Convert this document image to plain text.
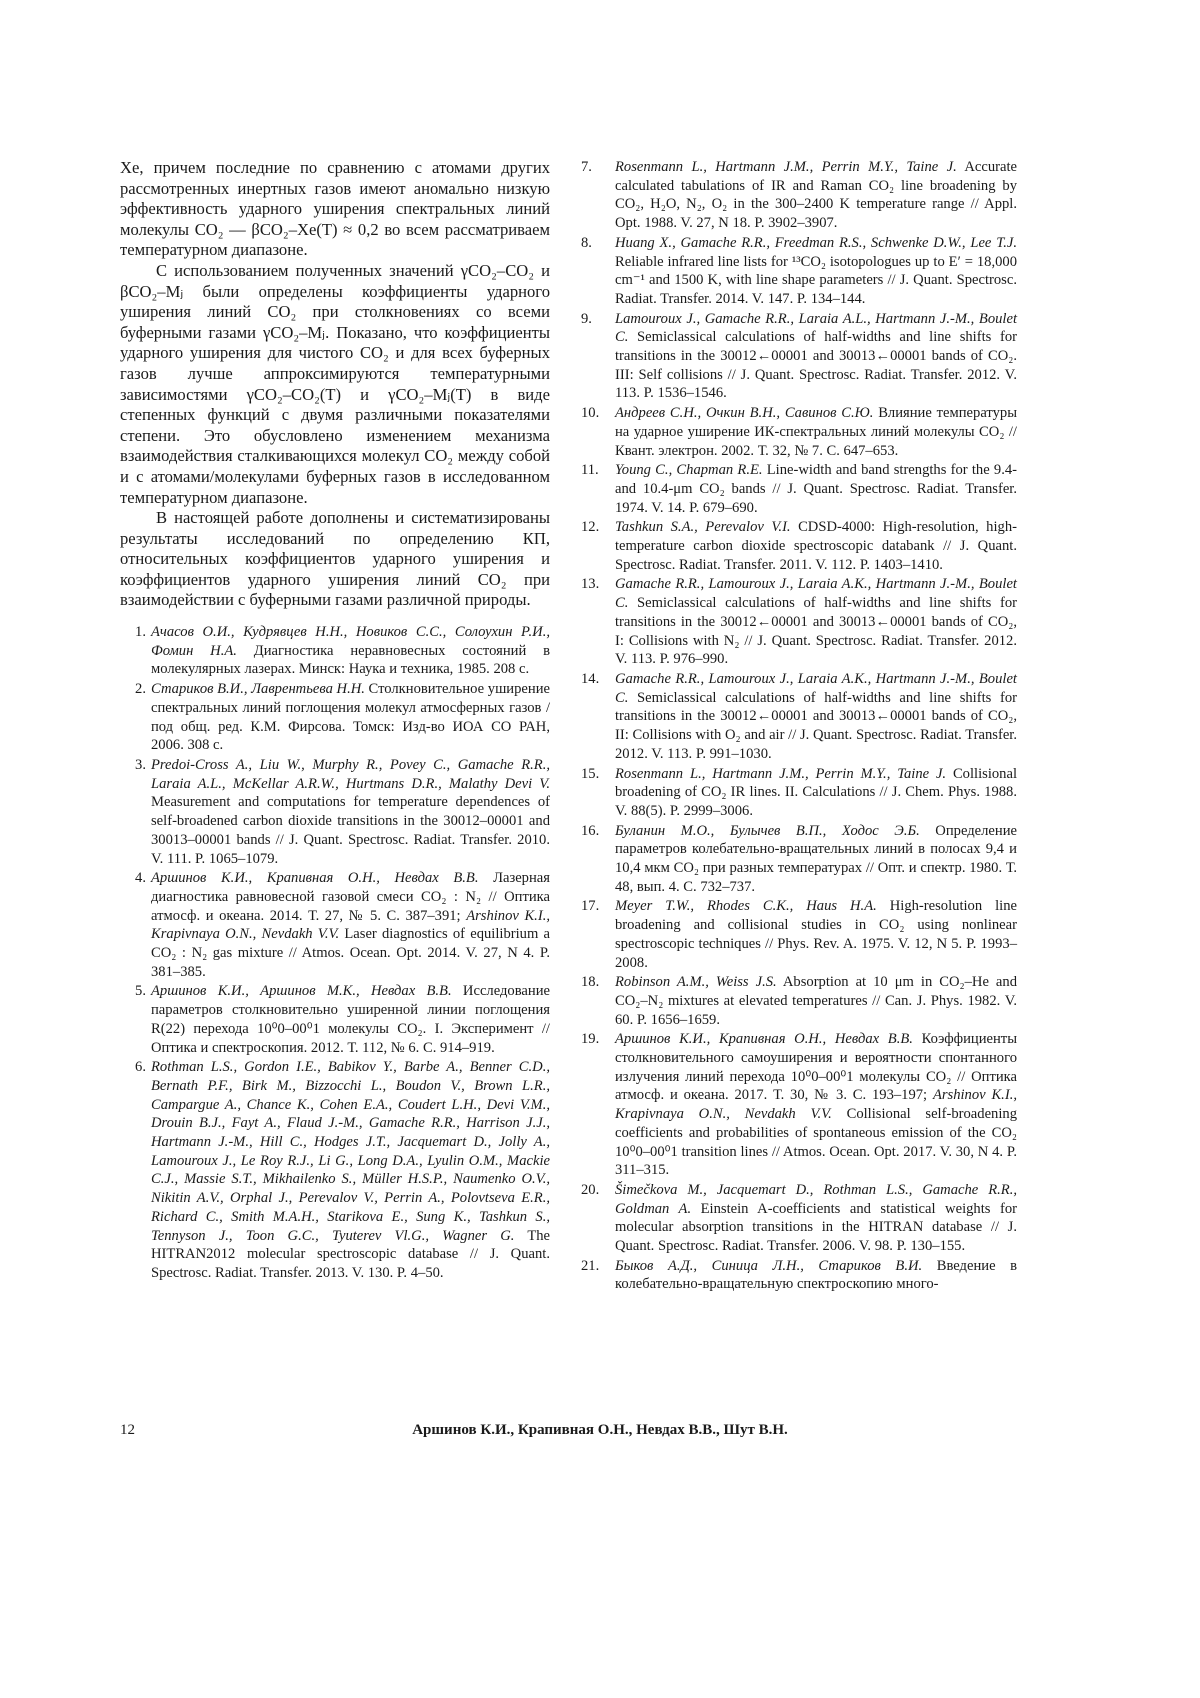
Xe, причем последние по сравнению с атомами других рассмотренных инертных газов имеют аномально низкую эффективность ударного уширения спектральных линий молекулы CO₂ — βCO₂–Xe(T) ≈ 0,2 во всем рассматриваем температурном диапазоне.

С использованием полученных значений γCO₂–CO₂ и βCO₂–Mⱼ были определены коэффициенты ударного уширения линий CO₂ при столкновениях со всеми буферными газами γCO₂–Mⱼ. Показано, что коэффициенты ударного уширения для чистого CO₂ и для всех буферных газов лучше аппроксимируются температурными зависимостями γCO₂–CO₂(T) и γCO₂–Mⱼ(T) в виде степенных функций с двумя различными показателями степени. Это обусловлено изменением механизма взаимодействия сталкивающихся молекул CO₂ между собой и с атомами/молекулами буферных газов в исследованном температурном диапазоне.

В настоящей работе дополнены и систематизированы результаты исследований по определению КП, относительных коэффициентов ударного уширения и коэффициентов ударного уширения линий CO₂ при взаимодействии с буферными газами различной природы.

1. Ачасов О.И., Кудрявцев Н.Н., Новиков С.С., Солоухин Р.И., Фомин Н.А. Диагностика неравновесных состояний в молекулярных лазерах. Минск: Наука и техника, 1985. 208 с.
2. Стариков В.И., Лаврентьева Н.Н. Столкновительное уширение спектральных линий поглощения молекул атмосферных газов / под общ. ред. К.М. Фирсова. Томск: Изд-во ИОА СО РАН, 2006. 308 с.
3. Predoi-Cross A., Liu W., Murphy R., Povey C., Gamache R.R., Laraia A.L., McKellar A.R.W., Hurtmans D.R., Malathy Devi V. Measurement and computations for temperature dependences of self-broadened carbon dioxide transitions in the 30012–00001 and 30013–00001 bands // J. Quant. Spectrosc. Radiat. Transfer. 2010. V. 111. P. 1065–1079.
4. Аршинов К.И., Крапивная О.Н., Невдах В.В. Лазерная диагностика равновесной газовой смеси CO₂ : N₂ // Оптика атмосф. и океана. 2014. Т. 27, № 5. С. 387–391; Arshinov K.I., Krapivnaya O.N., Nevdakh V.V. Laser diagnostics of equilibrium a CO₂ : N₂ gas mixture // Atmos. Ocean. Opt. 2014. V. 27, N 4. P. 381–385.
5. Аршинов К.И., Аршинов М.К., Невдах В.В. Исследование параметров столкновительно уширенной линии поглощения R(22) перехода 10⁰0–00⁰1 молекулы CO₂. I. Эксперимент // Оптика и спектроскопия. 2012. Т. 112, № 6. С. 914–919.
6. Rothman L.S., Gordon I.E., Babikov Y., Barbe A., Benner C.D., Bernath P.F., Birk M., Bizzocchi L., Boudon V., Brown L.R., Campargue A., Chance K., Cohen E.A., Coudert L.H., Devi V.M., Drouin B.J., Fayt A., Flaud J.-M., Gamache R.R., Harrison J.J., Hartmann J.-M., Hill C., Hodges J.T., Jacquemart D., Jolly A., Lamouroux J., Le Roy R.J., Li G., Long D.A., Lyulin O.M., Mackie C.J., Massie S.T., Mikhailenko S., Müller H.S.P., Naumenko O.V., Nikitin A.V., Orphal J., Perevalov V., Perrin A., Polovtseva E.R., Richard C., Smith M.A.H., Starikova E., Sung K., Tashkun S., Tennyson J., Toon G.C., Tyuterev Vl.G., Wagner G. The HITRAN2012 molecular spectroscopic database // J. Quant. Spectrosc. Radiat. Transfer. 2013. V. 130. P. 4–50.
7.	Rosenmann L., Hartmann J.M., Perrin M.Y., Taine J. Accurate calculated tabulations of IR and Raman CO₂ line broadening by CO₂, H₂O, N₂, O₂ in the 300–2400 K temperature range // Appl. Opt. 1988. V. 27, N 18. P. 3902–3907.
8.	Huang X., Gamache R.R., Freedman R.S., Schwenke D.W., Lee T.J. Reliable infrared line lists for ¹³CO₂ isotopologues up to E′ = 18,000 cm⁻¹ and 1500 K, with line shape parameters // J. Quant. Spectrosc. Radiat. Transfer. 2014. V. 147. P. 134–144.
9.	Lamouroux J., Gamache R.R., Laraia A.L., Hartmann J.-M., Boulet C. Semiclassical calculations of half-widths and line shifts for transitions in the 30012←00001 and 30013←00001 bands of CO₂. III: Self collisions // J. Quant. Spectrosc. Radiat. Transfer. 2012. V. 113. P. 1536–1546.
10.	Андреев С.Н., Очкин В.Н., Савинов С.Ю. Влияние температуры на ударное уширение ИК-спектральных линий молекулы CO₂ // Квант. электрон. 2002. Т. 32, № 7. С. 647–653.
11.	Young C., Chapman R.E. Line-width and band strengths for the 9.4- and 10.4-μm CO₂ bands // J. Quant. Spectrosc. Radiat. Transfer. 1974. V. 14. P. 679–690.
12.	Tashkun S.A., Perevalov V.I. CDSD-4000: High-resolution, high-temperature carbon dioxide spectroscopic databank // J. Quant. Spectrosc. Radiat. Transfer. 2011. V. 112. P. 1403–1410.
13.	Gamache R.R., Lamouroux J., Laraia A.K., Hartmann J.-M., Boulet C. Semiclassical calculations of half-widths and line shifts for transitions in the 30012←00001 and 30013←00001 bands of CO₂, I: Collisions with N₂ // J. Quant. Spectrosc. Radiat. Transfer. 2012. V. 113. P. 976–990.
14.	Gamache R.R., Lamouroux J., Laraia A.K., Hartmann J.-M., Boulet C. Semiclassical calculations of half-widths and line shifts for transitions in the 30012←00001 and 30013←00001 bands of CO₂, II: Collisions with O₂ and air // J. Quant. Spectrosc. Radiat. Transfer. 2012. V. 113. P. 991–1030.
15.	Rosenmann L., Hartmann J.M., Perrin M.Y., Taine J. Collisional broadening of CO₂ IR lines. II. Calculations // J. Chem. Phys. 1988. V. 88(5). P. 2999–3006.
16.	Буланин М.О., Булычев В.П., Ходос Э.Б. Определение параметров колебательно-вращательных линий в полосах 9,4 и 10,4 мкм CO₂ при разных температурах // Опт. и спектр. 1980. Т. 48, вып. 4. С. 732–737.
17.	Meyer T.W., Rhodes C.K., Haus H.A. High-resolution line broadening and collisional studies in CO₂ using nonlinear spectroscopic techniques // Phys. Rev. A. 1975. V. 12, N 5. P. 1993–2008.
18.	Robinson A.M., Weiss J.S. Absorption at 10 μm in CO₂–He and CO₂–N₂ mixtures at elevated temperatures // Can. J. Phys. 1982. V. 60. P. 1656–1659.
19.	Аршинов К.И., Крапивная О.Н., Невдах В.В. Коэффициенты столкновительного самоуширения и вероятности спонтанного излучения линий перехода 10⁰0–00⁰1 молекулы CO₂ // Оптика атмосф. и океана. 2017. Т. 30, № 3. С. 193–197; Arshinov K.I., Krapivnaya O.N., Nevdakh V.V. Collisional self-broadening coefficients and probabilities of spontaneous emission of the CO₂ 10⁰0–00⁰1 transition lines // Atmos. Ocean. Opt. 2017. V. 30, N 4. P. 311–315.
20.	Šimečkova M., Jacquemart D., Rothman L.S., Gamache R.R., Goldman A. Einstein A-coefficients and statistical weights for molecular absorption transitions in the HITRAN database // J. Quant. Spectrosc. Radiat. Transfer. 2006. V. 98. P. 130–155.
21.	Быков А.Д., Синица Л.Н., Стариков В.И. Введение в колебательно-вращательную спектроскопию много-
12	Аршинов К.И., Крапивная О.Н., Невдах В.В., Шут В.Н.
